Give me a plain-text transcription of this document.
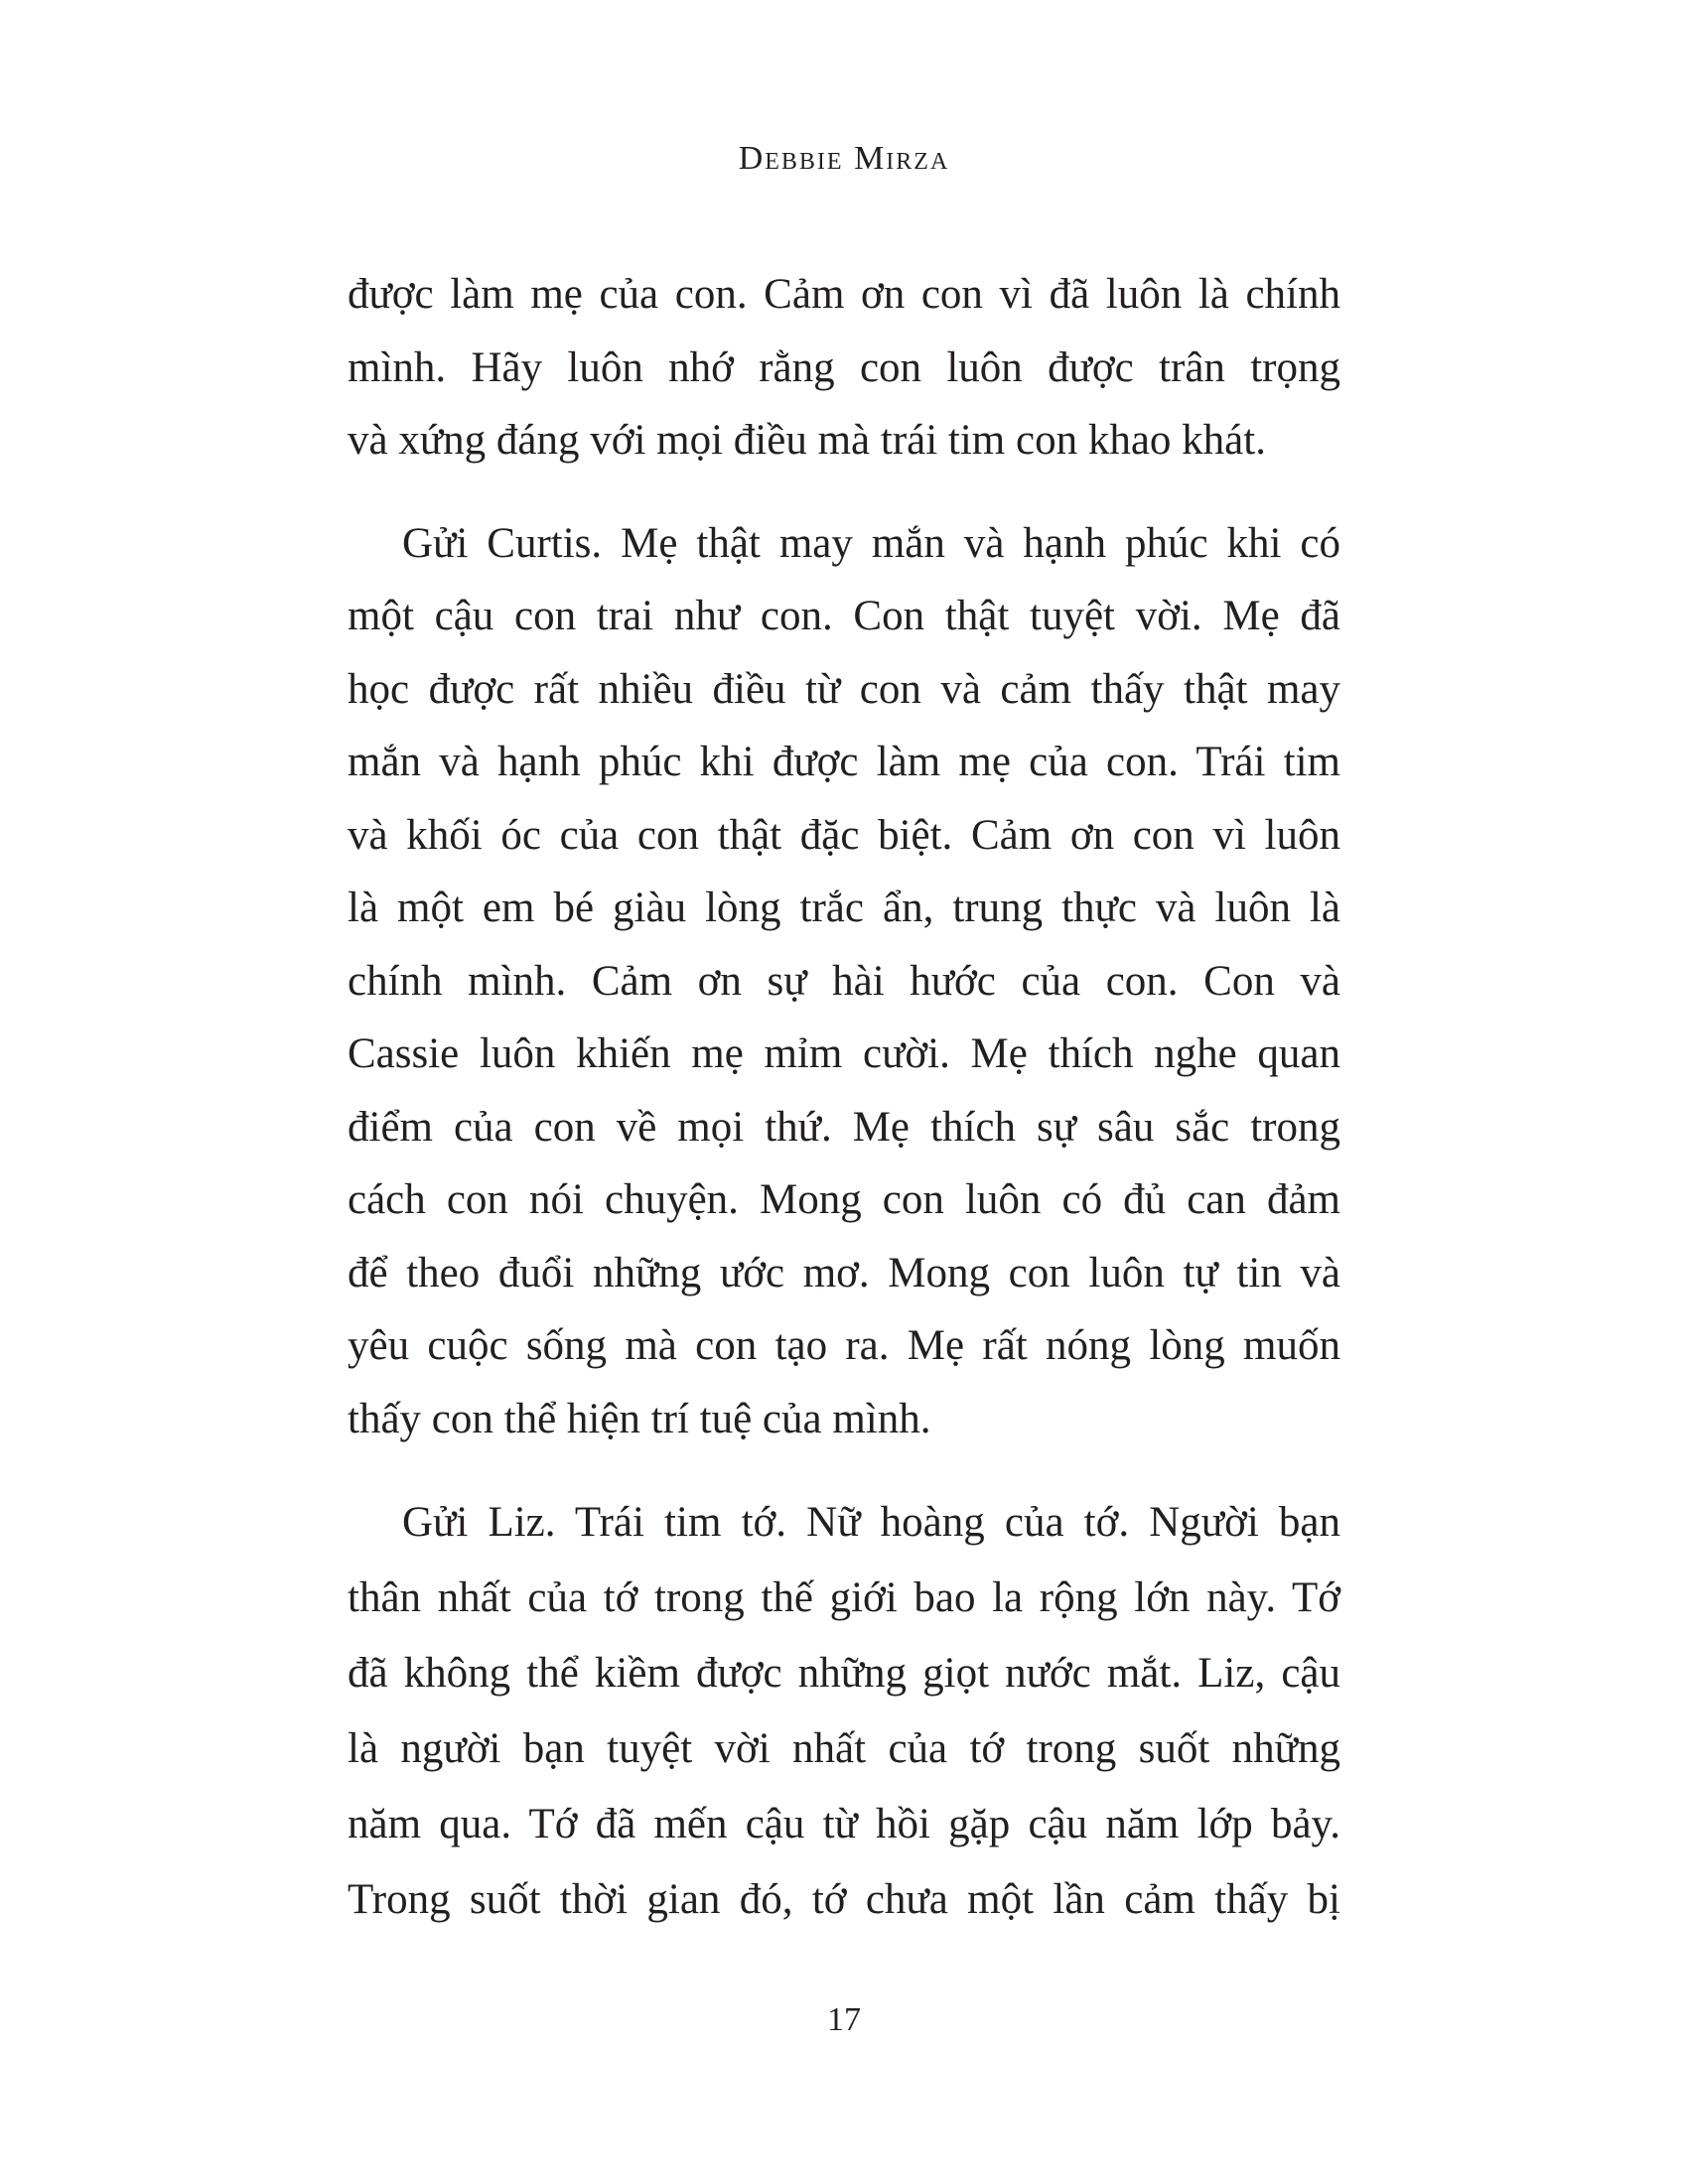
Debbie Mirza
được làm mẹ của con. Cảm ơn con vì đã luôn là chính
mình. Hãy luôn nhớ rằng con luôn được trân trọng
và xứng đáng với mọi điều mà trái tim con khao khát.
Gửi Curtis. Mẹ thật may mắn và hạnh phúc khi có
một cậu con trai như con. Con thật tuyệt vời. Mẹ đã
học được rất nhiều điều từ con và cảm thấy thật may
mắn và hạnh phúc khi được làm mẹ của con. Trái tim
và khối óc của con thật đặc biệt. Cảm ơn con vì luôn
là một em bé giàu lòng trắc ẩn, trung thực và luôn là
chính mình. Cảm ơn sự hài hước của con. Con và
Cassie luôn khiến mẹ mỉm cười. Mẹ thích nghe quan
điểm của con về mọi thứ. Mẹ thích sự sâu sắc trong
cách con nói chuyện. Mong con luôn có đủ can đảm
để theo đuổi những ước mơ. Mong con luôn tự tin và
yêu cuộc sống mà con tạo ra. Mẹ rất nóng lòng muốn
thấy con thể hiện trí tuệ của mình.
Gửi Liz. Trái tim tớ. Nữ hoàng của tớ. Người bạn
thân nhất của tớ trong thế giới bao la rộng lớn này. Tớ
đã không thể kiềm được những giọt nước mắt. Liz, cậu
là người bạn tuyệt vời nhất của tớ trong suốt những
năm qua. Tớ đã mến cậu từ hồi gặp cậu năm lớp bảy.
Trong suốt thời gian đó, tớ chưa một lần cảm thấy bị
17
